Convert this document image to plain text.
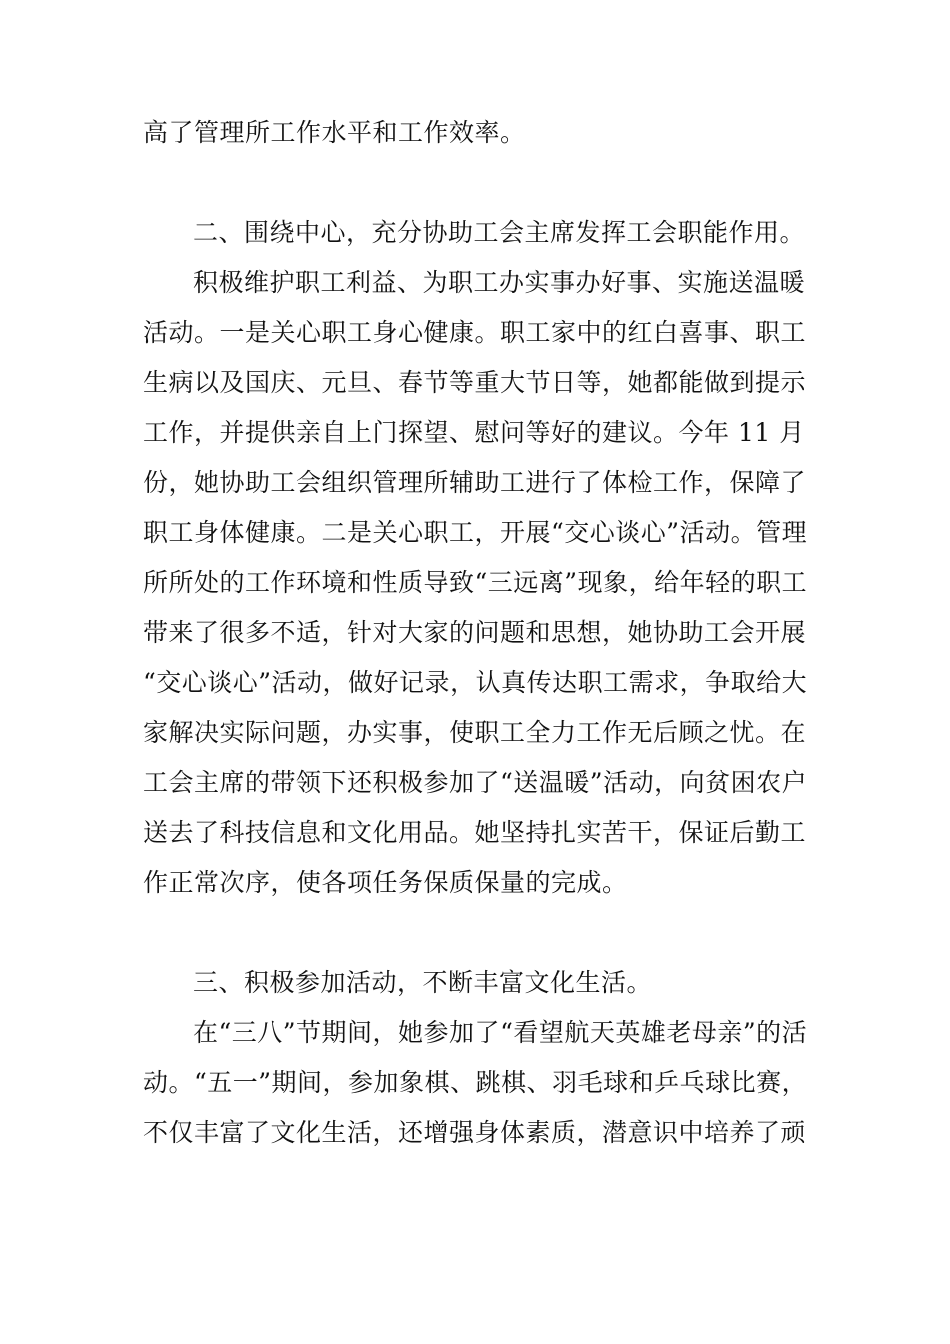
高了管理所工作水平和工作效率。
二、围绕中心，充分协助工会主席发挥工会职能作用。
积极维护职工利益、为职工办实事办好事、实施送温暖
活动。一是关心职工身心健康。职工家中的红白喜事、职工
生病以及国庆、元旦、春节等重大节日等，她都能做到提示
工作，并提供亲自上门探望、慰问等好的建议。今年 11 月
份，她协助工会组织管理所辅助工进行了体检工作，保障了
职工身体健康。二是关心职工，开展“交心谈心”活动。管理
所所处的工作环境和性质导致“三远离”现象，给年轻的职工
带来了很多不适，针对大家的问题和思想，她协助工会开展
“交心谈心”活动，做好记录，认真传达职工需求，争取给大
家解决实际问题，办实事，使职工全力工作无后顾之忧。在
工会主席的带领下还积极参加了“送温暖”活动，向贫困农户
送去了科技信息和文化用品。她坚持扎实苦干，保证后勤工
作正常次序，使各项任务保质保量的完成。
三、积极参加活动，不断丰富文化生活。
在“三八”节期间，她参加了“看望航天英雄老母亲”的活
动。“五一”期间，参加象棋、跳棋、羽毛球和乒乓球比赛，
不仅丰富了文化生活，还增强身体素质，潜意识中培养了顽
